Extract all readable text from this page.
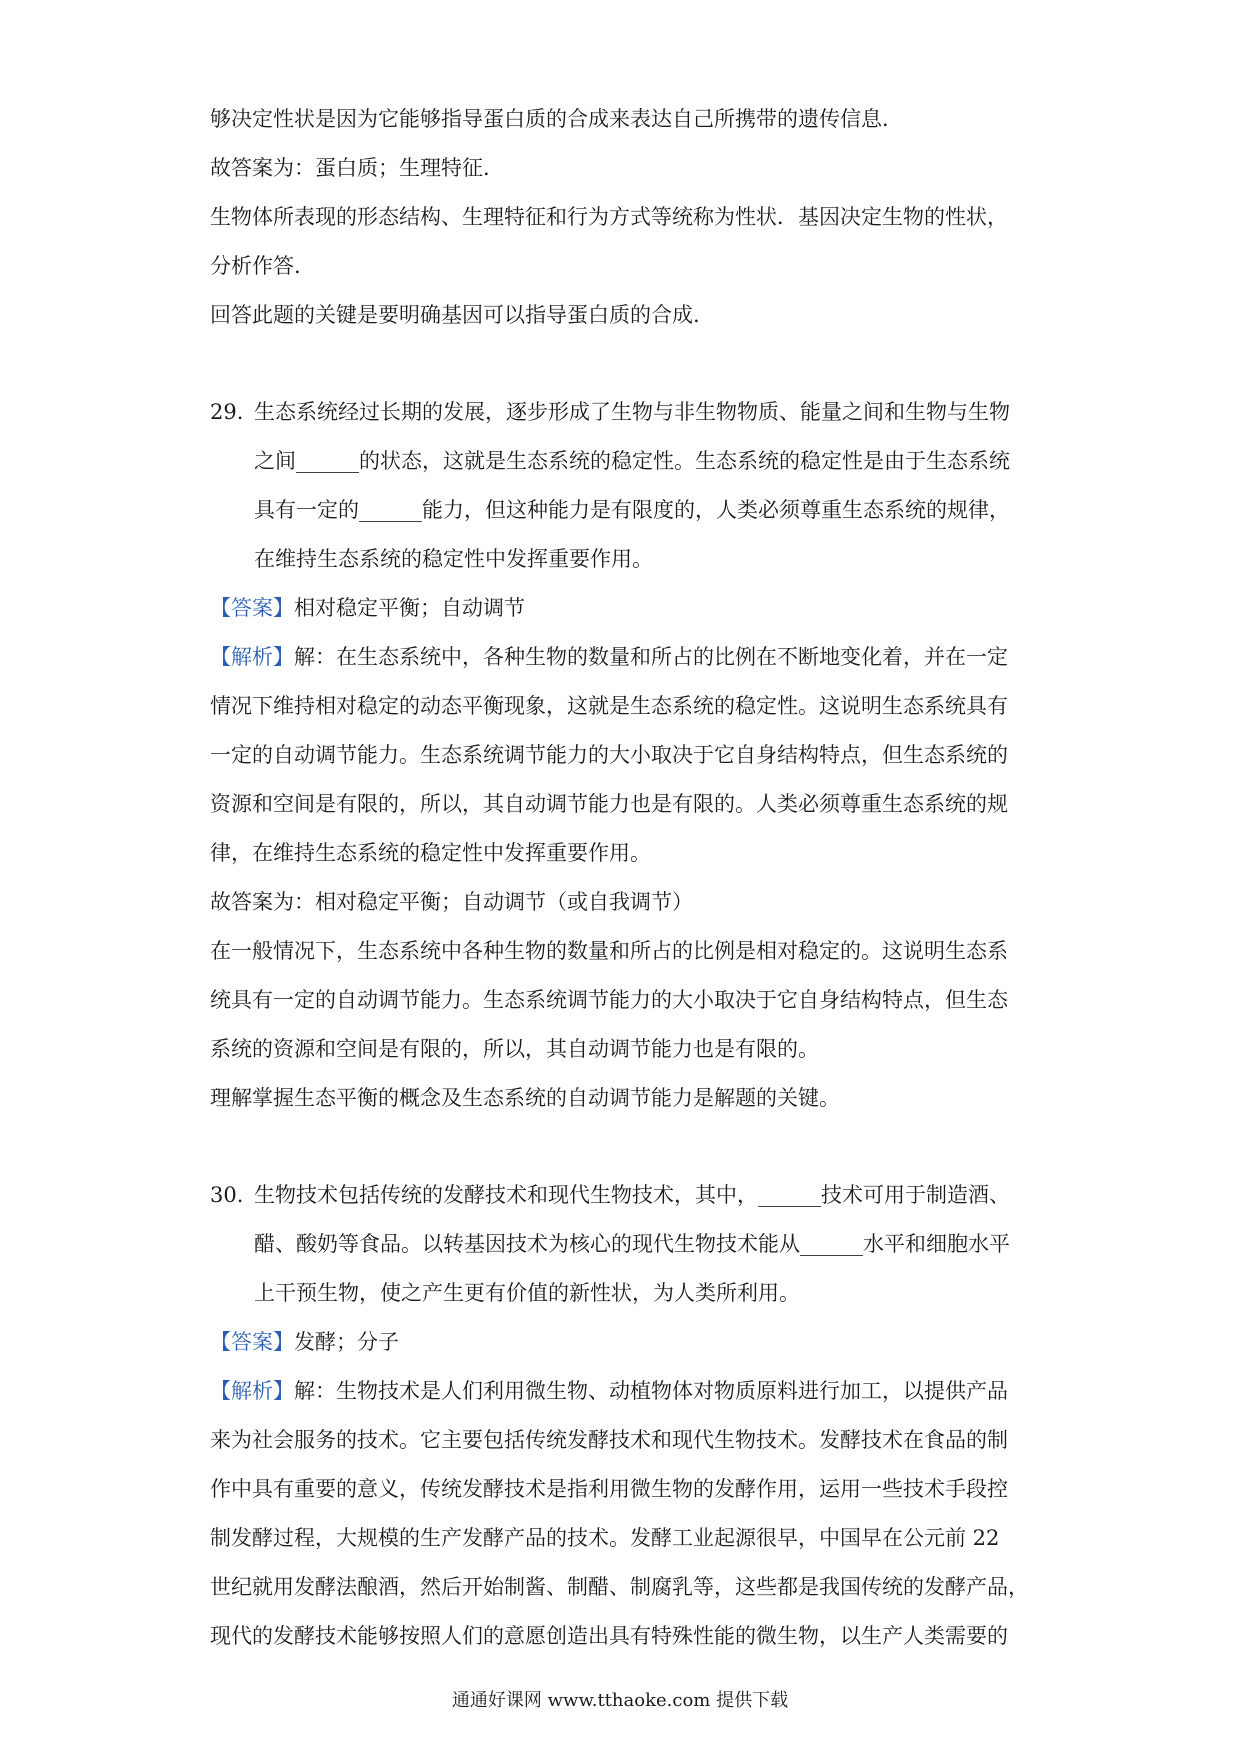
够决定性状是因为它能够指导蛋白质的合成来表达自己所携带的遗传信息.
故答案为：蛋白质；生理特征.
生物体所表现的形态结构、生理特征和行为方式等统称为性状．基因决定生物的性状，
分析作答.
回答此题的关键是要明确基因可以指导蛋白质的合成.
29. 生态系统经过长期的发展，逐步形成了生物与非生物物质、能量之间和生物与生物
之间______的状态，这就是生态系统的稳定性。生态系统的稳定性是由于生态系统
具有一定的______能力，但这种能力是有限度的，人类必须尊重生态系统的规律，
在维持生态系统的稳定性中发挥重要作用。
【答案】相对稳定平衡；自动调节
【解析】解：在生态系统中，各种生物的数量和所占的比例在不断地变化着，并在一定
情况下维持相对稳定的动态平衡现象，这就是生态系统的稳定性。这说明生态系统具有
一定的自动调节能力。生态系统调节能力的大小取决于它自身结构特点，但生态系统的
资源和空间是有限的，所以，其自动调节能力也是有限的。人类必须尊重生态系统的规
律，在维持生态系统的稳定性中发挥重要作用。
故答案为：相对稳定平衡；自动调节（或自我调节）
在一般情况下，生态系统中各种生物的数量和所占的比例是相对稳定的。这说明生态系
统具有一定的自动调节能力。生态系统调节能力的大小取决于它自身结构特点，但生态
系统的资源和空间是有限的，所以，其自动调节能力也是有限的。
理解掌握生态平衡的概念及生态系统的自动调节能力是解题的关键。
30. 生物技术包括传统的发酵技术和现代生物技术，其中，______技术可用于制造酒、
醋、酸奶等食品。以转基因技术为核心的现代生物技术能从______水平和细胞水平
上干预生物，使之产生更有价值的新性状，为人类所利用。
【答案】发酵；分子
【解析】解：生物技术是人们利用微生物、动植物体对物质原料进行加工，以提供产品
来为社会服务的技术。它主要包括传统发酵技术和现代生物技术。发酵技术在食品的制
作中具有重要的意义，传统发酵技术是指利用微生物的发酵作用，运用一些技术手段控
制发酵过程，大规模的生产发酵产品的技术。发酵工业起源很早，中国早在公元前 22
世纪就用发酵法酿酒，然后开始制酱、制醋、制腐乳等，这些都是我国传统的发酵产品，
现代的发酵技术能够按照人们的意愿创造出具有特殊性能的微生物，以生产人类需要的
通通好课网 www.tthaoke.com 提供下载
